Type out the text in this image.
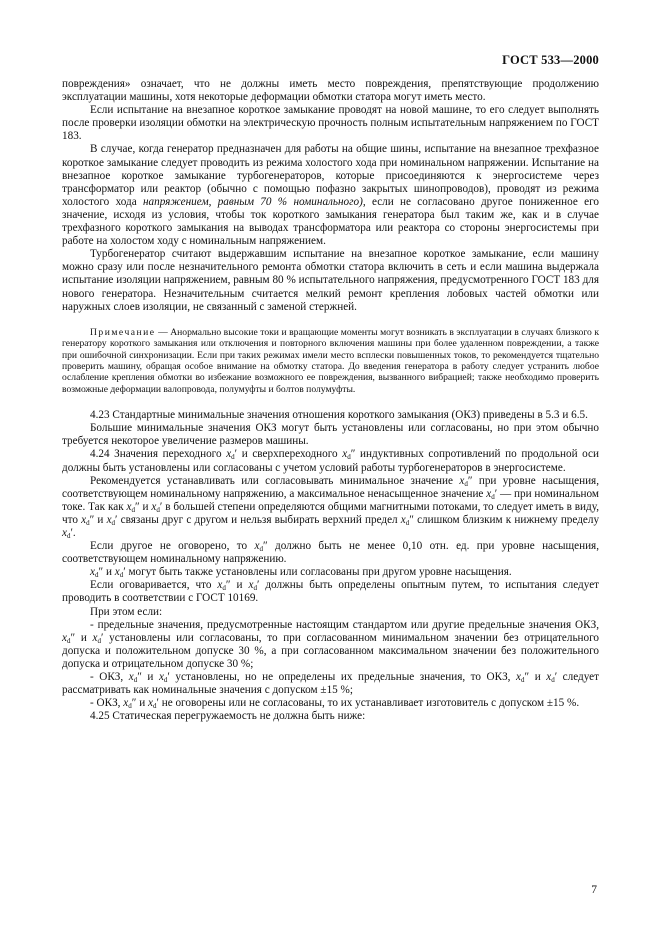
ГОСТ 533—2000

повреждения» означает, что не должны иметь место повреждения, препятствующие продолжению эксплуатации машины, хотя некоторые деформации обмотки статора могут иметь место.

Если испытание на внезапное короткое замыкание проводят на новой машине, то его следует выполнять после проверки изоляции обмотки на электрическую прочность полным испытательным напряжением по ГОСТ 183.

В случае, когда генератор предназначен для работы на общие шины, испытание на внезапное трехфазное короткое замыкание следует проводить из режима холостого хода при номинальном напряжении. Испытание на внезапное короткое замыкание турбогенераторов, которые присоединяются к энергосистеме через трансформатор или реактор (обычно с помощью пофазно закрытых шинопроводов), проводят из режима холостого хода напряжением, равным 70 % номинального), если не согласовано другое пониженное его значение, исходя из условия, чтобы ток короткого замыкания генератора был таким же, как и в случае трехфазного короткого замыкания на выводах трансформатора или реактора со стороны энергосистемы при работе на холостом ходу с номинальным напряжением.

Турбогенератор считают выдержавшим испытание на внезапное короткое замыкание, если машину можно сразу или после незначительного ремонта обмотки статора включить в сеть и если машина выдержала испытание изоляции напряжением, равным 80 % испытательного напряжения, предусмотренного ГОСТ 183 для нового генератора. Незначительным считается мелкий ремонт крепления лобовых частей обмотки или наружных слоев изоляции, не связанный с заменой стержней.

Примечание — Анормально высокие токи и вращающие моменты могут возникать в эксплуатации в случаях близкого к генератору короткого замыкания или отключения и повторного включения машины при более удаленном повреждении, а также при ошибочной синхронизации. Если при таких режимах имели место всплески повышенных токов, то рекомендуется тщательно проверить машину, обращая особое внимание на обмотку статора. До введения генератора в работу следует устранить любое ослабление крепления обмотки во избежание возможного ее повреждения, вызванного вибрацией; также необходимо проверить возможные деформации валопровода, полумуфты и болтов полумуфты.

4.23 Стандартные минимальные значения отношения короткого замыкания (ОКЗ) приведены в 5.3 и 6.5.

Большие минимальные значения ОКЗ могут быть установлены или согласованы, но при этом обычно требуется некоторое увеличение размеров машины.

4.24 Значения переходного $x_d'$ и сверхпереходного $x_d''$ индуктивных сопротивлений по продольной оси должны быть установлены или согласованы с учетом условий работы турбогенераторов в энергосистеме.

Рекомендуется устанавливать или согласовывать минимальное значение $x_d''$ при уровне насыщения, соответствующем номинальному напряжению, а максимальное ненасыщенное значение $x_d'$ — при номинальном токе. Так как $x_d''$ и $x_d'$ в большей степени определяются общими магнитными потоками, то следует иметь в виду, что $x_d''$ и $x_d'$ связаны друг с другом и нельзя выбирать верхний предел $x_d''$ слишком близким к нижнему пределу $x_d'$.

Если другое не оговорено, то $x_d''$ должно быть не менее 0,10 отн. ед. при уровне насыщения, соответствующем номинальному напряжению.

$x_d''$ и $x_d'$ могут быть также установлены или согласованы при другом уровне насыщения.

Если оговаривается, что $x_d''$ и $x_d'$ должны быть определены опытным путем, то испытания следует проводить в соответствии с ГОСТ 10169.

При этом если:

- предельные значения, предусмотренные настоящим стандартом или другие предельные значения ОКЗ, $x_d''$ и $x_d'$ установлены или согласованы, то при согласованном минимальном значении без отрицательного допуска и положительном допуске 30 %, а при согласованном максимальном значении без положительного допуска и отрицательном допуске 30 %;

- ОКЗ, $x_d''$ и $x_d'$ установлены, но не определены их предельные значения, то ОКЗ, $x_d''$ и $x_d'$ следует рассматривать как номинальные значения с допуском ±15 %;

- ОКЗ, $x_d''$ и $x_d'$ не оговорены или не согласованы, то их устанавливает изготовитель с допуском ±15 %.

4.25 Статическая перегружаемость не должна быть ниже:

7
